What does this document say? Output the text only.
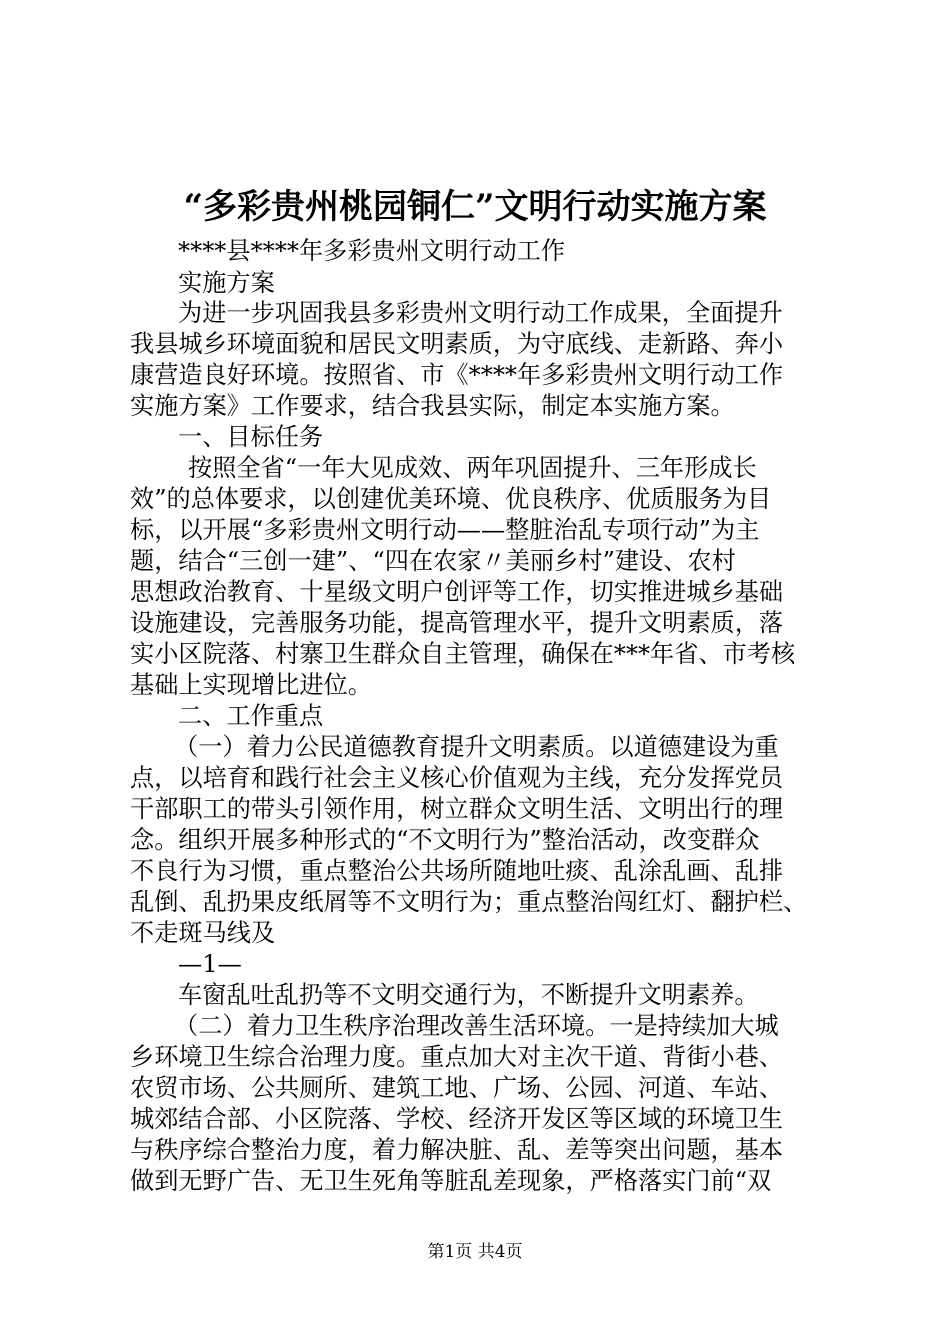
“多彩贵州桃园铜仁”文明行动实施方案
****县****年多彩贵州文明行动工作
实施方案
为进一步巩固我县多彩贵州文明行动工作成果，全面提升
我县城乡环境面貌和居民文明素质，为守底线、走新路、奔小
康营造良好环境。按照省、市《****年多彩贵州文明行动工作
实施方案》工作要求，结合我县实际，制定本实施方案。
一、目标任务
按照全省“一年大见成效、两年巩固提升、三年形成长
效”的总体要求，以创建优美环境、优良秩序、优质服务为目
标，以开展“多彩贵州文明行动——整脏治乱专项行动”为主
题，结合“三创一建”、“四在农家〃美丽乡村”建设、农村
思想政治教育、十星级文明户创评等工作，切实推进城乡基础
设施建设，完善服务功能，提高管理水平，提升文明素质，落
实小区院落、村寨卫生群众自主管理，确保在***年省、市考核
基础上实现增比进位。
二、工作重点
（一）着力公民道德教育提升文明素质。以道德建设为重
点，以培育和践行社会主义核心价值观为主线，充分发挥党员
干部职工的带头引领作用，树立群众文明生活、文明出行的理
念。组织开展多种形式的“不文明行为”整治活动，改变群众
不良行为习惯，重点整治公共场所随地吐痰、乱涂乱画、乱排
乱倒、乱扔果皮纸屑等不文明行为；重点整治闯红灯、翻护栏、
不走斑马线及
—1—
车窗乱吐乱扔等不文明交通行为，不断提升文明素养。
（二）着力卫生秩序治理改善生活环境。一是持续加大城
乡环境卫生综合治理力度。重点加大对主次干道、背街小巷、
农贸市场、公共厕所、建筑工地、广场、公园、河道、车站、
城郊结合部、小区院落、学校、经济开发区等区域的环境卫生
与秩序综合整治力度，着力解决脏、乱、差等突出问题，基本
做到无野广告、无卫生死角等脏乱差现象，严格落实门前“双
第1页 共4页
